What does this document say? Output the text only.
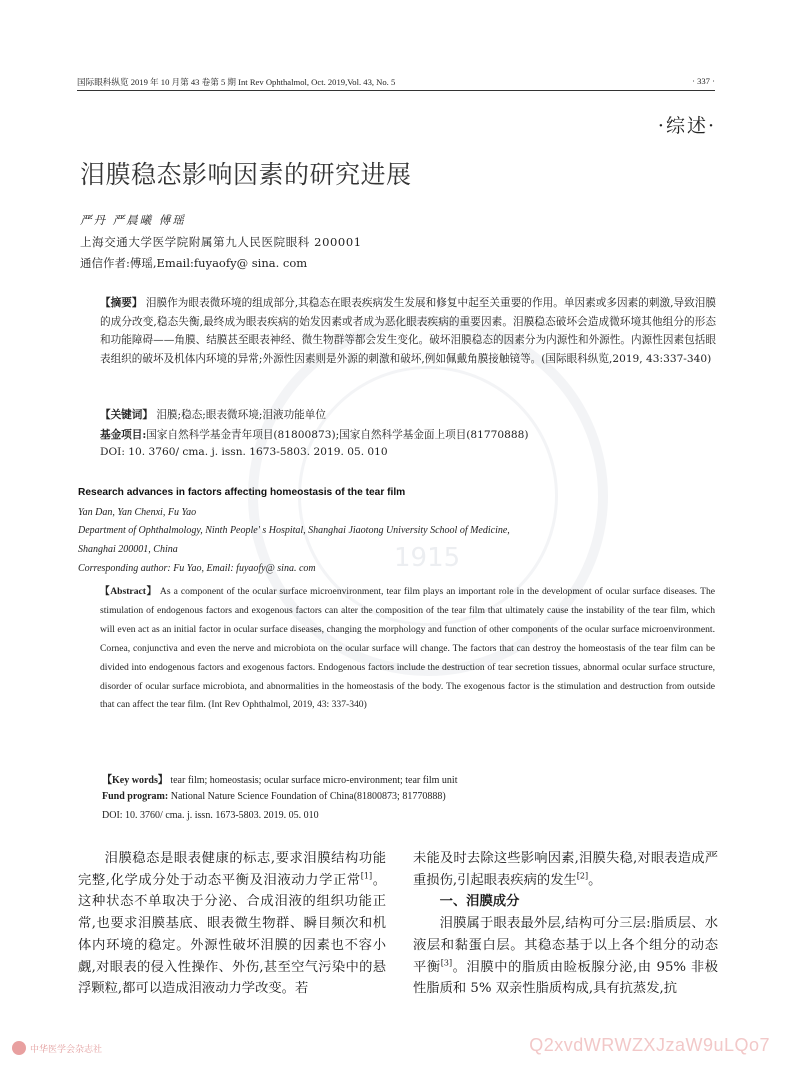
1915
国际眼科纵览 2019 年 10 月第 43 卷第 5 期 Int Rev Ophthalmol, Oct. 2019,Vol. 43, No. 5	· 337 ·
·综述·
泪膜稳态影响因素的研究进展
严丹 严晨曦 傅瑶
上海交通大学医学院附属第九人民医院眼科 200001
通信作者:傅瑶,Email:fuyaofy@ sina. com
【摘要】 泪膜作为眼表微环境的组成部分,其稳态在眼表疾病发生发展和修复中起至关重要的作用。单因素或多因素的刺激,导致泪膜的成分改变,稳态失衡,最终成为眼表疾病的始发因素或者成为恶化眼表疾病的重要因素。泪膜稳态破坏会造成微环境其他组分的形态和功能障碍——角膜、结膜甚至眼表神经、微生物群等都会发生变化。破坏泪膜稳态的因素分为内源性和外源性。内源性因素包括眼表组织的破坏及机体内环境的异常;外源性因素则是外源的刺激和破坏,例如佩戴角膜接触镜等。(国际眼科纵览,2019, 43:337-340)
【关键词】 泪膜;稳态;眼表微环境;泪液功能单位
基金项目:国家自然科学基金青年项目(81800873);国家自然科学基金面上项目(81770888)
DOI: 10. 3760/ cma. j. issn. 1673-5803. 2019. 05. 010
Research advances in factors affecting homeostasis of the tear film
Yan Dan, Yan Chenxi, Fu Yao
Department of Ophthalmology, Ninth People' s Hospital, Shanghai Jiaotong University School of Medicine,
Shanghai 200001, China
Corresponding author: Fu Yao, Email: fuyaofy@ sina. com
【Abstract】 As a component of the ocular surface microenvironment, tear film plays an important role in the development of ocular surface diseases. The stimulation of endogenous factors and exogenous factors can alter the composition of the tear film that ultimately cause the instability of the tear film, which will even act as an initial factor in ocular surface diseases, changing the morphology and function of other components of the ocular surface microenvironment. Cornea, conjunctiva and even the nerve and microbiota on the ocular surface will change. The factors that can destroy the homeostasis of the tear film can be divided into endogenous factors and exogenous factors. Endogenous factors include the destruction of tear secretion tissues, abnormal ocular surface structure, disorder of ocular surface microbiota, and abnormalities in the homeostasis of the body. The exogenous factor is the stimulation and destruction from outside that can affect the tear film. (Int Rev Ophthalmol, 2019, 43: 337-340)
【Key words】 tear film; homeostasis; ocular surface micro-environment; tear film unit
Fund program: National Nature Science Foundation of China(81800873; 81770888)
DOI: 10. 3760/ cma. j. issn. 1673-5803. 2019. 05. 010

泪膜稳态是眼表健康的标志,要求泪膜结构功能完整,化学成分处于动态平衡及泪液动力学正常[1]。这种状态不单取决于分泌、合成泪液的组织功能正常,也要求泪膜基底、眼表微生物群、瞬目频次和机体内环境的稳定。外源性破坏泪膜的因素也不容小觑,对眼表的侵入性操作、外伤,甚至空气污染中的悬浮颗粒,都可以造成泪液动力学改变。若

未能及时去除这些影响因素,泪膜失稳,对眼表造成严重损伤,引起眼表疾病的发生[2]。

一、泪膜成分

泪膜属于眼表最外层,结构可分三层:脂质层、水液层和黏蛋白层。其稳态基于以上各个组分的动态平衡[3]。泪膜中的脂质由睑板腺分泌,由 95% 非极性脂质和 5% 双亲性脂质构成,具有抗蒸发,抗

中华医学会杂志社	Q2xvdWRWZXJzaW9uLQo7
